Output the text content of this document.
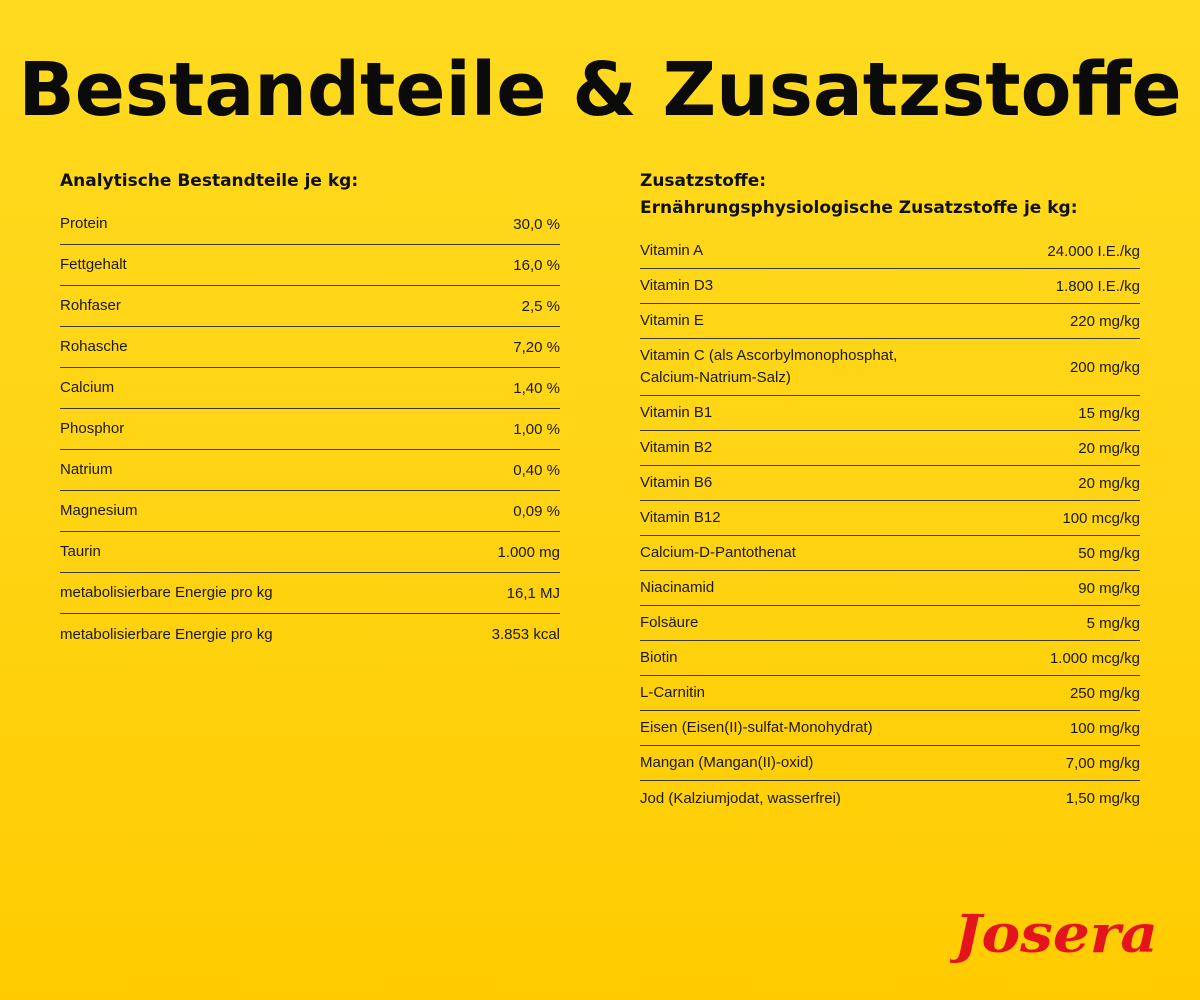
Bestandteile & Zusatzstoffe
Analytische Bestandteile je kg:
Protein	30,0 %
Fettgehalt	16,0 %
Rohfaser	2,5 %
Rohasche	7,20 %
Calcium	1,40 %
Phosphor	1,00 %
Natrium	0,40 %
Magnesium	0,09 %
Taurin	1.000 mg
metabolisierbare Energie pro kg	16,1 MJ
metabolisierbare Energie pro kg	3.853 kcal
Zusatzstoffe:
Ernährungsphysiologische Zusatzstoffe je kg:
Vitamin A	24.000 I.E./kg
Vitamin D3	1.800 I.E./kg
Vitamin E	220 mg/kg
Vitamin C (als Ascorbylmonophosphat,
Calcium-Natrium-Salz)
200 mg/kg
Vitamin B1	15 mg/kg
Vitamin B2	20 mg/kg
Vitamin B6	20 mg/kg
Vitamin B12	100 mcg/kg
Calcium-D-Pantothenat	50 mg/kg
Niacinamid	90 mg/kg
Folsäure	5 mg/kg
Biotin	1.000 mcg/kg
L-Carnitin	250 mg/kg
Eisen (Eisen(II)-sulfat-Monohydrat)	100 mg/kg
Mangan (Mangan(II)-oxid)	7,00 mg/kg
Jod (Kalziumjodat, wasserfrei)	1,50 mg/kg
Josera
